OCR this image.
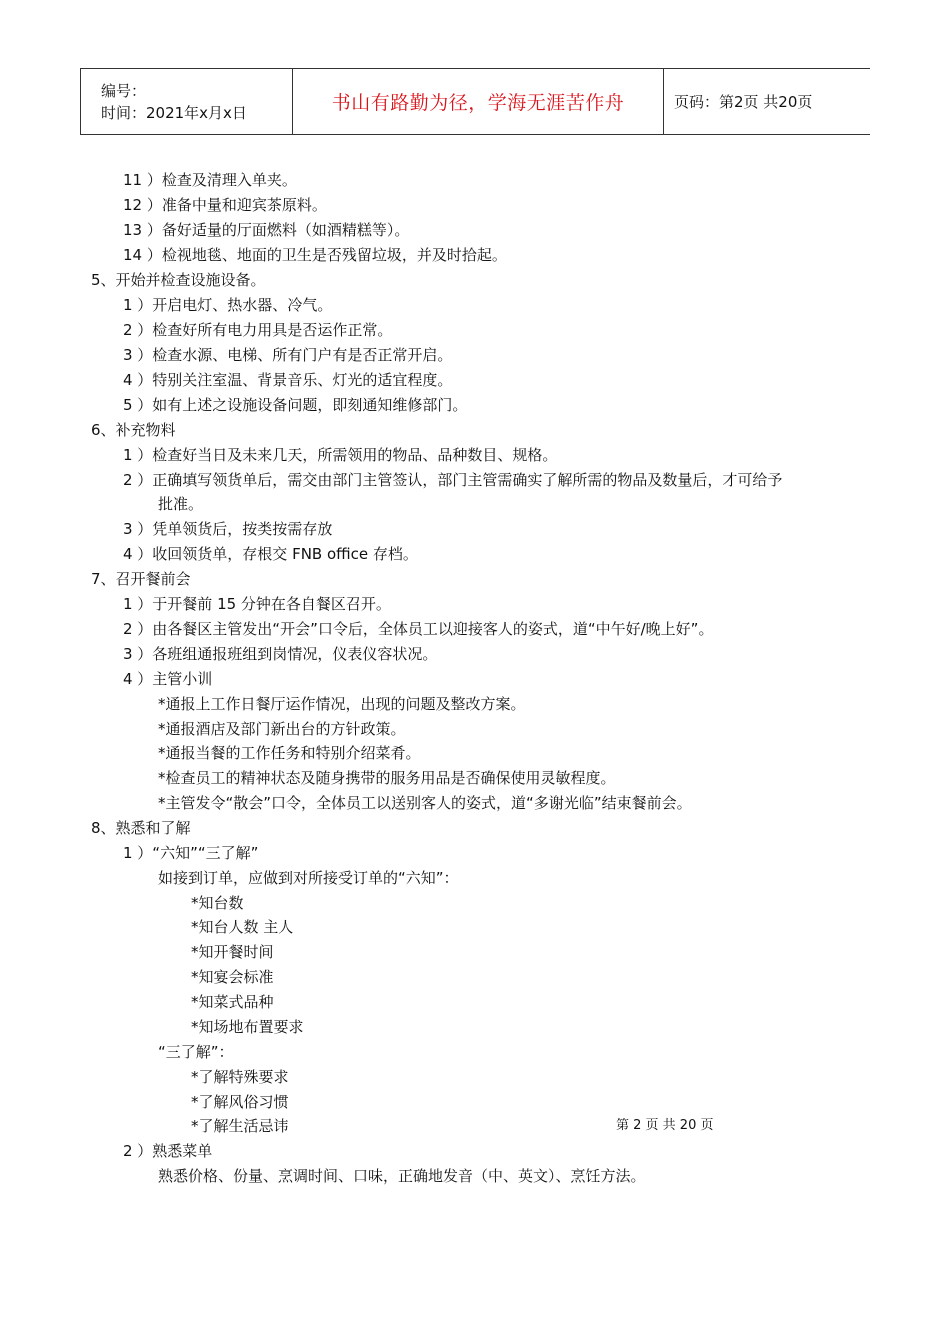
编号：
时间：2021年x月x日	书山有路勤为径，学海无涯苦作舟	页码：第2页 共20页
11 ）检查及清理入单夹。
12 ）准备中量和迎宾茶原料。
13 ）备好适量的厅面燃料（如酒精糕等）。
14 ）检视地毯、地面的卫生是否残留垃圾，并及时拾起。
5、开始并检查设施设备。
1 ）开启电灯、热水器、冷气。
2 ）检查好所有电力用具是否运作正常。
3 ）检查水源、电梯、所有门户有是否正常开启。
4 ）特别关注室温、背景音乐、灯光的适宜程度。
5 ）如有上述之设施设备问题，即刻通知维修部门。
6、补充物料
1 ）检查好当日及未来几天，所需领用的物品、品种数目、规格。
2 ）正确填写领货单后，需交由部门主管签认，部门主管需确实了解所需的物品及数量后，才可给予
批准。
3 ）凭单领货后，按类按需存放
4 ）收回领货单，存根交 FNB office 存档。
7、召开餐前会
1 ）于开餐前 15 分钟在各自餐区召开。
2 ）由各餐区主管发出“开会”口令后，全体员工以迎接客人的姿式，道“中午好/晚上好”。
3 ）各班组通报班组到岗情况，仪表仪容状况。
4 ）主管小训
*通报上工作日餐厅运作情况，出现的问题及整改方案。
*通报酒店及部门新出台的方针政策。
*通报当餐的工作任务和特别介绍菜肴。
*检查员工的精神状态及随身携带的服务用品是否确保使用灵敏程度。
*主管发令“散会”口令，全体员工以送别客人的姿式，道“多谢光临”结束餐前会。
8、熟悉和了解
1 ）“六知”“三了解”
如接到订单，应做到对所接受订单的“六知”：
*知台数
*知台人数 主人
*知开餐时间
*知宴会标准
*知菜式品种
*知场地布置要求
“三了解”：
*了解特殊要求
*了解风俗习惯
*了解生活忌讳
2 ）熟悉菜单
熟悉价格、份量、烹调时间、口味，正确地发音（中、英文）、烹饪方法。
第 2 页 共 20 页
